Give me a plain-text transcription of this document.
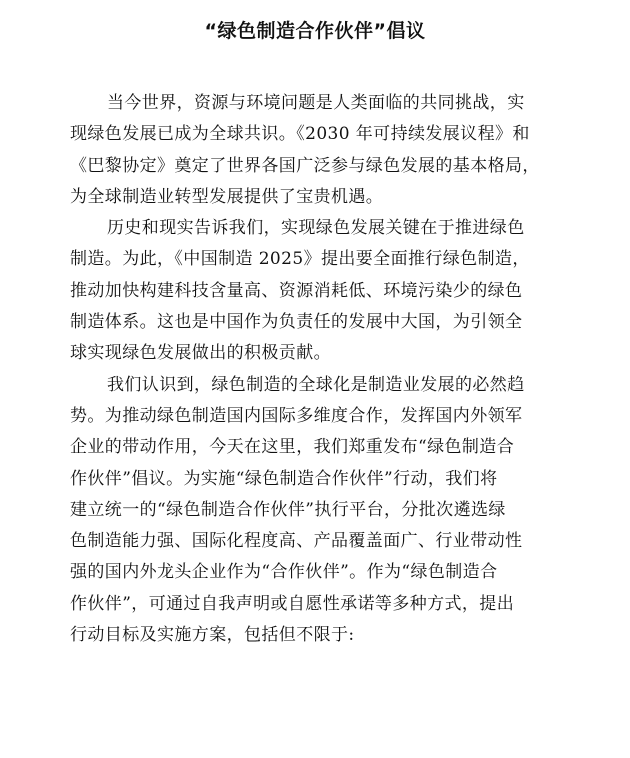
“绿色制造合作伙伴”倡议

当今世界，资源与环境问题是人类面临的共同挑战，实
现绿色发展已成为全球共识。《2030 年可持续发展议程》和
《巴黎协定》奠定了世界各国广泛参与绿色发展的基本格局，
为全球制造业转型发展提供了宝贵机遇。

历史和现实告诉我们，实现绿色发展关键在于推进绿色
制造。为此，《中国制造 2025》提出要全面推行绿色制造，
推动加快构建科技含量高、资源消耗低、环境污染少的绿色
制造体系。这也是中国作为负责任的发展中大国，为引领全
球实现绿色发展做出的积极贡献。

我们认识到，绿色制造的全球化是制造业发展的必然趋
势。为推动绿色制造国内国际多维度合作，发挥国内外领军
企业的带动作用，今天在这里，我们郑重发布“绿色制造合
作伙伴”倡议。为实施“绿色制造合作伙伴”行动，我们将
建立统一的“绿色制造合作伙伴”执行平台，分批次遴选绿
色制造能力强、国际化程度高、产品覆盖面广、行业带动性
强的国内外龙头企业作为“合作伙伴”。作为“绿色制造合
作伙伴”，可通过自我声明或自愿性承诺等多种方式，提出
行动目标及实施方案，包括但不限于:
